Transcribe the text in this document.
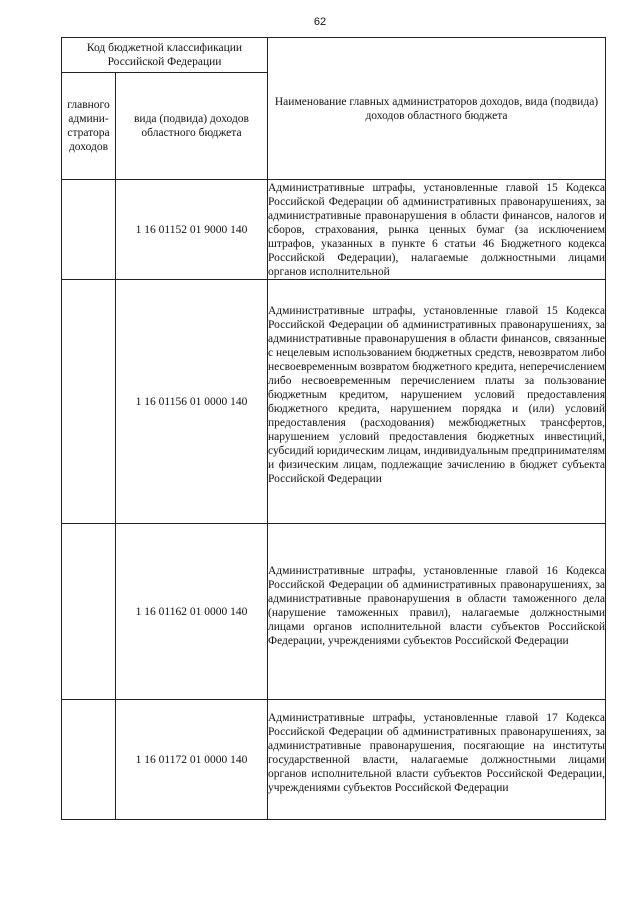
62
Код бюджетной классификации Российской Федерации		Наименование главных администраторов доходов, вида (подвида) доходов областного бюджета
главного админи-стратора доходов	вида (подвида) доходов областного бюджета	
	1 16 01152 01 9000 140	Административные штрафы, установленные главой 15 Кодекса Российской Федерации об административных правонарушениях, за административные правонарушения в области финансов, налогов и сборов, страхования, рынка ценных бумаг (за исключением штрафов, указанных в пункте 6 статьи 46 Бюджетного кодекса Российской Федерации), налагаемые должностными лицами органов исполнительной
	1 16 01156 01 0000 140	Административные штрафы, установленные главой 15 Кодекса Российской Федерации об административных правонарушениях, за административные правонарушения в области финансов, связанные с нецелевым использованием бюджетных средств, невозвратом либо несвоевременным возвратом бюджетного кредита, неперечислением либо несвоевременным перечислением платы за пользование бюджетным кредитом, нарушением условий предоставления бюджетного кредита, нарушением порядка и (или) условий предоставления (расходования) межбюджетных трансфертов, нарушением условий предоставления бюджетных инвестиций, субсидий юридическим лицам, индивидуальным предпринимателям и физическим лицам, подлежащие зачислению в бюджет субъекта Российской Федерации
	1 16 01162 01 0000 140	Административные штрафы, установленные главой 16 Кодекса Российской Федерации об административных правонарушениях, за административные правонарушения в области таможенного дела (нарушение таможенных правил), налагаемые должностными лицами органов исполнительной власти субъектов Российской Федерации, учреждениями субъектов Российской Федерации
	1 16 01172 01 0000 140	Административные штрафы, установленные главой 17 Кодекса Российской Федерации об административных правонарушениях, за административные правонарушения, посягающие на институты государственной власти, налагаемые должностными лицами органов исполнительной власти субъектов Российской Федерации, учреждениями субъектов Российской Федерации
